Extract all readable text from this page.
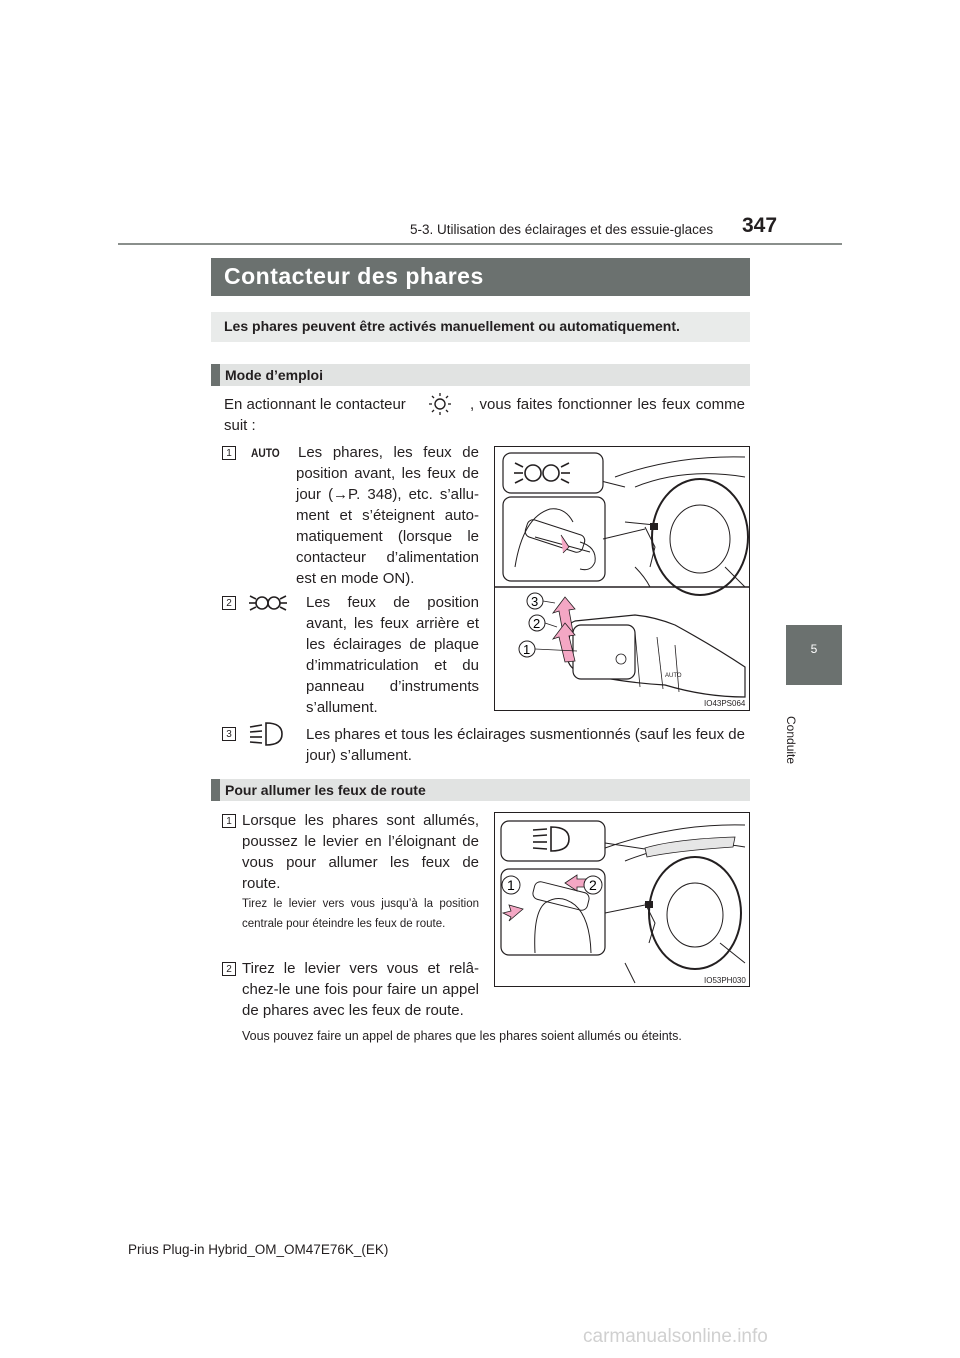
5-3. Utilisation des éclairages et des essuie-glaces 347
5
Conduite
Contacteur des phares
Les phares peuvent être activés manuellement ou automatiquement.
Mode d’emploi
En actionnant le contacteur	, vous faites fonctionner les feux comme suit :
1	AUTO Les phares, les feux de position avant, les feux de jour (→P. 348), etc. s’allument et s’éteignent automatiquement (lorsque le contacteur d’alimentation est en mode ON).
2	Les feux de position avant, les feux arrière et les éclairages de plaque d’immatriculation et du panneau d’instruments s’allument.
AUTO
3
2
1
IO43PS064
3	Les phares et tous les éclairages susmentionnés (sauf les feux de jour) s’allument.
Pour allumer les feux de route
1 Lorsque les phares sont allumés, poussez le levier en l’éloignant de vous pour allumer les feux de route.
Tirez le levier vers vous jusqu’à la position centrale pour éteindre les feux de route.
2 Tirez le levier vers vous et relâchez-le une fois pour faire un appel de phares avec les feux de route.
1	2
IO53PH030
Vous pouvez faire un appel de phares que les phares soient allumés ou éteints.
Prius Plug-in Hybrid_OM_OM47E76K_(EK)
carmanualsonline.info
